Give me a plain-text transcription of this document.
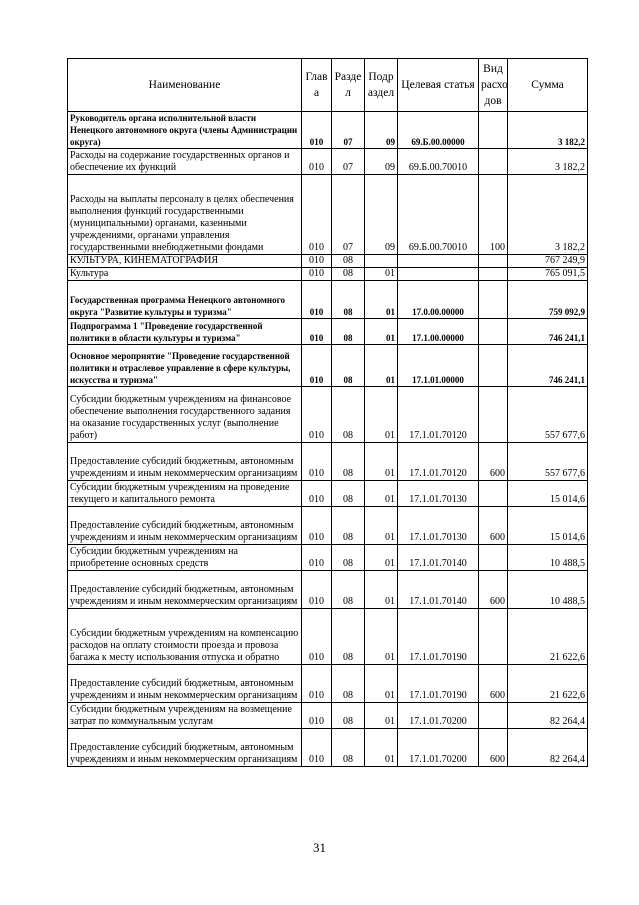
Наименование	Глав а	Разде л	Подр аздел	Целевая статья	Вид расхо дов	Сумма
Руководитель органа исполнительной власти Ненецкого автономного округа (члены Администрации округа)	010	07	09	69.Б.00.00000		3 182,2
Расходы на содержание государственных органов и обеспечение их функций	010	07	09	69.Б.00.70010		3 182,2
Расходы на выплаты персоналу в целях обеспечения выполнения функций государственными (муниципальными) органами, казенными учреждениями, органами управления государственными внебюджетными фондами	010	07	09	69.Б.00.70010	100	3 182,2
КУЛЬТУРА, КИНЕМАТОГРАФИЯ	010	08				767 249,9
Культура	010	08	01			765 091,5
Государственная программа Ненецкого автономного округа "Развитие культуры и туризма"	010	08	01	17.0.00.00000		759 092,9
Подпрограмма 1 "Проведение государственной политики в области культуры и туризма"	010	08	01	17.1.00.00000		746 241,1
Основное мероприятие "Проведение государственной политики и отраслевое управление в сфере культуры, искусства и туризма"	010	08	01	17.1.01.00000		746 241,1
Субсидии бюджетным учреждениям на финансовое обеспечение выполнения государственного задания на оказание государственных услуг (выполнение работ)	010	08	01	17.1.01.70120		557 677,6
Предоставление субсидий бюджетным, автономным учреждениям и иным некоммерческим организациям	010	08	01	17.1.01.70120	600	557 677,6
Субсидии бюджетным учреждениям на проведение текущего и капитального ремонта	010	08	01	17.1.01.70130		15 014,6
Предоставление субсидий бюджетным, автономным учреждениям и иным некоммерческим организациям	010	08	01	17.1.01.70130	600	15 014,6
Субсидии бюджетным учреждениям на приобретение основных средств	010	08	01	17.1.01.70140		10 488,5
Предоставление субсидий бюджетным, автономным учреждениям и иным некоммерческим организациям	010	08	01	17.1.01.70140	600	10 488,5
Субсидии бюджетным учреждениям на компенсацию расходов на оплату стоимости проезда и провоза багажа к месту использования отпуска и обратно	010	08	01	17.1.01.70190		21 622,6
Предоставление субсидий бюджетным, автономным учреждениям и иным некоммерческим организациям	010	08	01	17.1.01.70190	600	21 622,6
Субсидии бюджетным учреждениям на возмещение затрат по коммунальным услугам	010	08	01	17.1.01.70200		82 264,4
Предоставление субсидий бюджетным, автономным учреждениям и иным некоммерческим организациям	010	08	01	17.1.01.70200	600	82 264,4
31
